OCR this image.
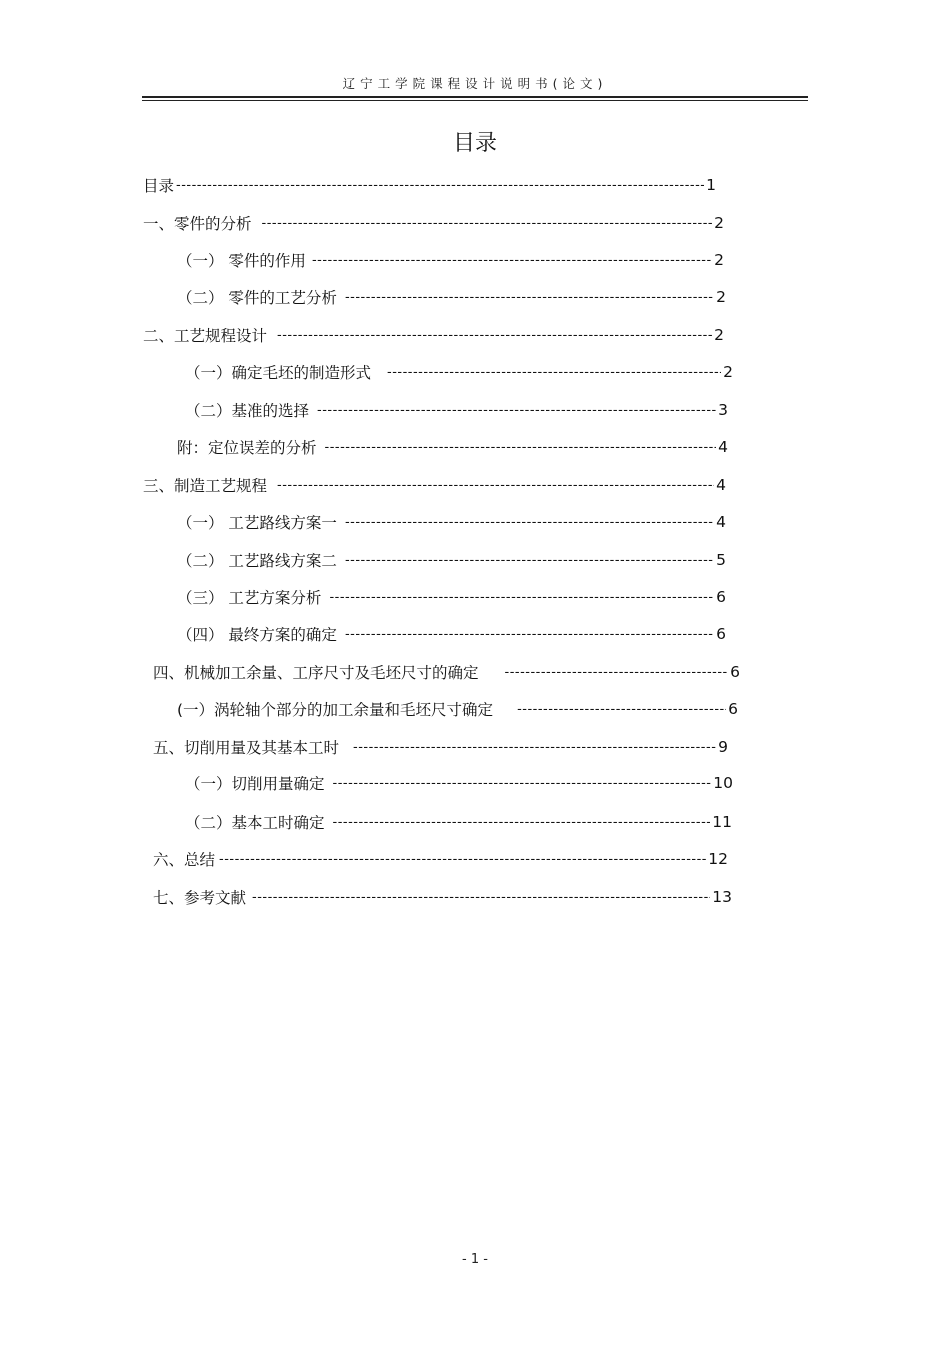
辽宁工学院课程设计说明书(论文)
目录
目录 -----	1
一、零件的分析 -----	2
（一） 零件的作用 -----	2
（二） 零件的工艺分析 -----	2
二、工艺规程设计 -----	2
（一）确定毛坯的制造形式 -----	2
（二）基准的选择 -----	3
附：定位误差的分析 -----	4
三、制造工艺规程 -----	4
（一） 工艺路线方案一 -----	4
（二） 工艺路线方案二 -----	5
（三） 工艺方案分析 -----	6
（四） 最终方案的确定 -----	6
四、机械加工余量、工序尺寸及毛坯尺寸的确定 -----	6
(一）涡轮轴个部分的加工余量和毛坯尺寸确定 -----	6
五、切削用量及其基本工时 -----	9
（一）切削用量确定 -----	10
（二）基本工时确定 -----	11
六、总结 -----	12
七、参考文献 -----	13
- 1 -
